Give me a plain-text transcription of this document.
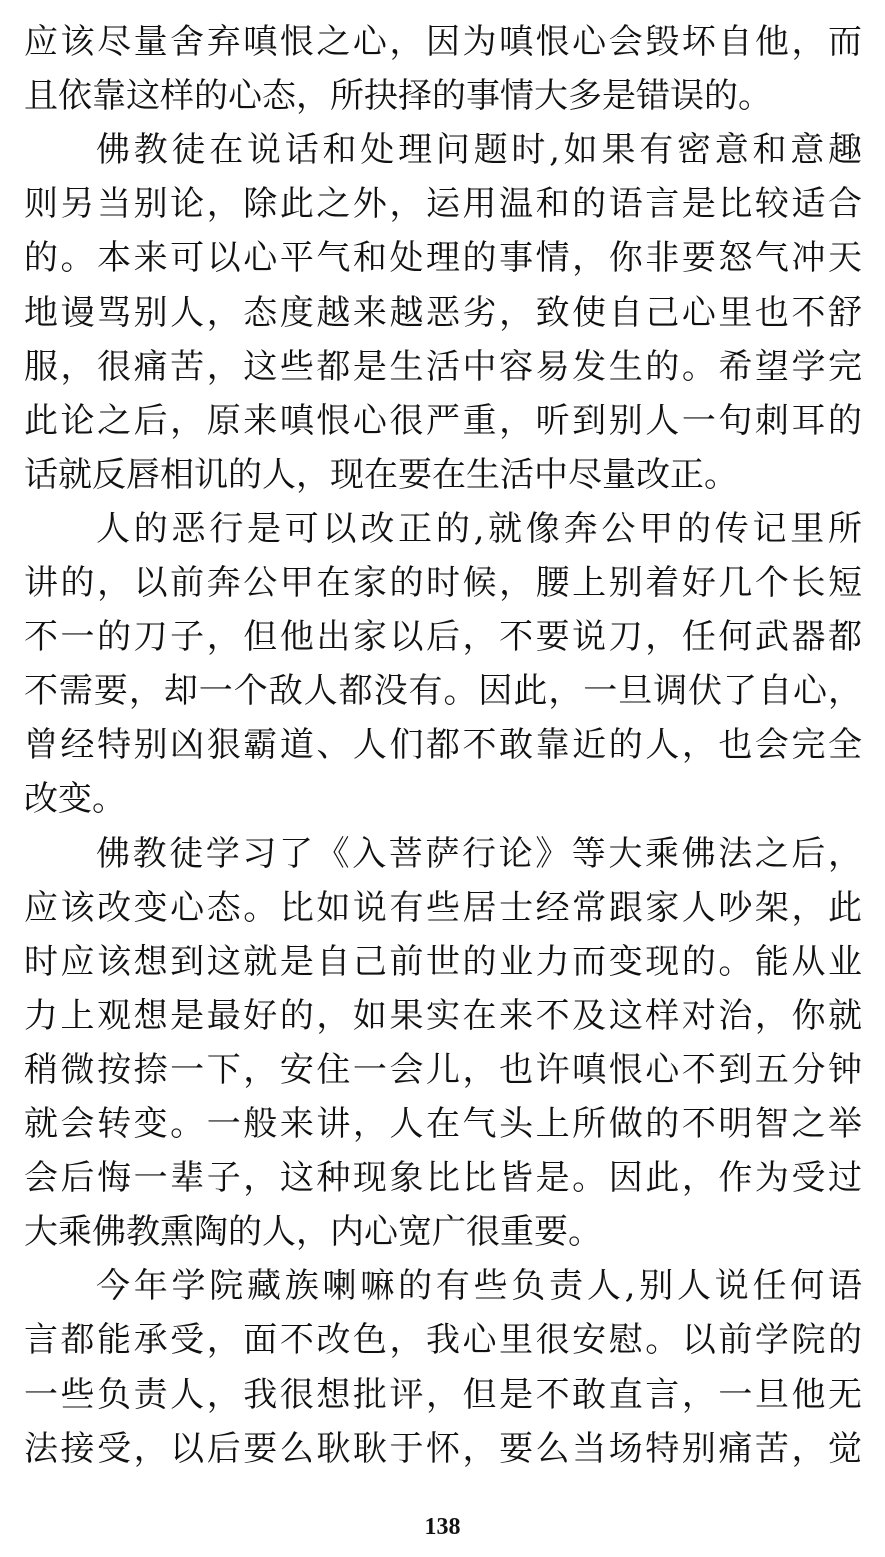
应该尽量舍弃嗔恨之心，因为嗔恨心会毁坏自他，而
且依靠这样的心态，所抉择的事情大多是错误的。
佛教徒在说话和处理问题时,如果有密意和意趣
则另当别论，除此之外，运用温和的语言是比较适合
的。本来可以心平气和处理的事情，你非要怒气冲天
地谩骂别人，态度越来越恶劣，致使自己心里也不舒
服，很痛苦，这些都是生活中容易发生的。希望学完
此论之后，原来嗔恨心很严重，听到别人一句刺耳的
话就反唇相讥的人，现在要在生活中尽量改正。
人的恶行是可以改正的,就像奔公甲的传记里所
讲的，以前奔公甲在家的时候，腰上别着好几个长短
不一的刀子，但他出家以后，不要说刀，任何武器都
不需要，却一个敌人都没有。因此，一旦调伏了自心，
曾经特别凶狠霸道、人们都不敢靠近的人，也会完全
改变。
佛教徒学习了《入菩萨行论》等大乘佛法之后，
应该改变心态。比如说有些居士经常跟家人吵架，此
时应该想到这就是自己前世的业力而变现的。能从业
力上观想是最好的，如果实在来不及这样对治，你就
稍微按捺一下，安住一会儿，也许嗔恨心不到五分钟
就会转变。一般来讲，人在气头上所做的不明智之举
会后悔一辈子，这种现象比比皆是。因此，作为受过
大乘佛教熏陶的人，内心宽广很重要。
今年学院藏族喇嘛的有些负责人,别人说任何语
言都能承受，面不改色，我心里很安慰。以前学院的
一些负责人，我很想批评，但是不敢直言，一旦他无
法接受，以后要么耿耿于怀，要么当场特别痛苦，觉
138
